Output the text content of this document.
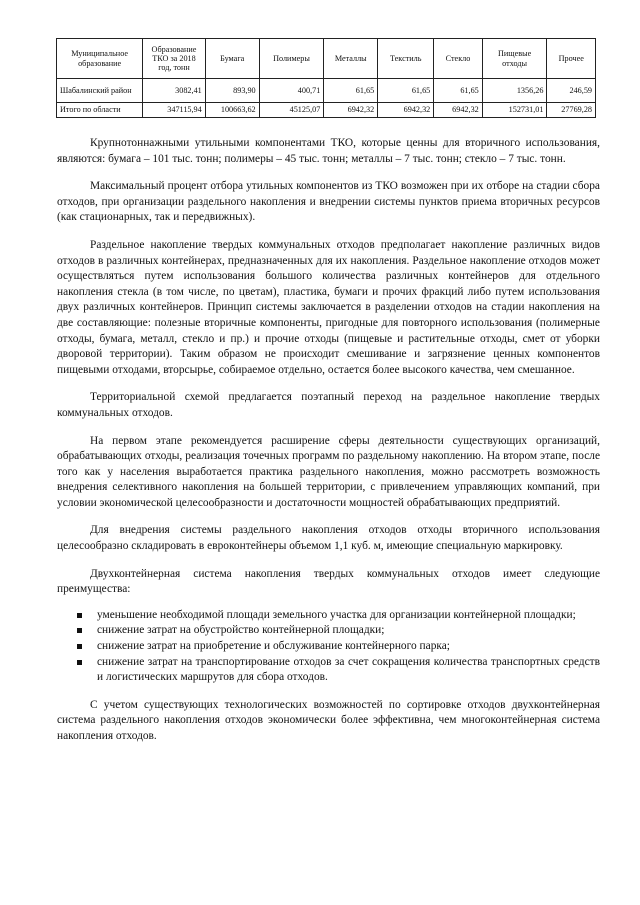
Муниципальное образование	Образование ТКО за 2018 год, тонн	Бумага	Полимеры	Металлы	Текстиль	Стекло	Пищевые отходы	Прочее
Шабалинский район	3082,41	893,90	400,71	61,65	61,65	61,65	1356,26	246,59
Итого по области	347115,94	100663,62	45125,07	6942,32	6942,32	6942,32	152731,01	27769,28

Крупнотоннажными утильными компонентами ТКО, которые ценны для вторичного использования, являются: бумага – 101 тыс. тонн; полимеры – 45 тыс. тонн; металлы – 7 тыс. тонн; стекло – 7 тыс. тонн.

Максимальный процент отбора утильных компонентов из ТКО возможен при их отборе на стадии сбора отходов, при организации раздельного накопления и внедрении системы пунктов приема вторичных ресурсов (как стационарных, так и передвижных).

Раздельное накопление твердых коммунальных отходов предполагает накопление различных видов отходов в различных контейнерах, предназначенных для их накопления. Раздельное накопление отходов может осуществляться путем использования большого количества различных контейнеров для отдельного накопления стекла (в том числе, по цветам), пластика, бумаги и прочих фракций либо путем использования двух различных контейнеров. Принцип системы заключается в разделении отходов на стадии накопления на две составляющие: полезные вторичные компоненты, пригодные для повторного использования (полимерные отходы, бумага, металл, стекло и пр.) и прочие отходы (пищевые и растительные отходы, смет от уборки дворовой территории). Таким образом не происходит смешивание и загрязнение ценных компонентов пищевыми отходами, вторсырье, собираемое отдельно, остается более высокого качества, чем смешанное.

Территориальной схемой предлагается поэтапный переход на раздельное накопление твердых коммунальных отходов.

На первом этапе рекомендуется расширение сферы деятельности существующих организаций, обрабатывающих отходы, реализация точечных программ по раздельному накоплению. На втором этапе, после того как у населения выработается практика раздельного накопления, можно рассмотреть возможность внедрения селективного накопления на большей территории, с привлечением управляющих компаний, при условии экономической целесообразности и достаточности мощностей обрабатывающих предприятий.

Для внедрения системы раздельного накопления отходов отходы вторичного использования целесообразно складировать в евроконтейнеры объемом 1,1 куб. м, имеющие специальную маркировку.

Двухконтейнерная система накопления твердых коммунальных отходов имеет следующие преимущества:

уменьшение необходимой площади земельного участка для организации контейнерной площадки;
снижение затрат на обустройство контейнерной площадки;
снижение затрат на приобретение и обслуживание контейнерного парка;
снижение затрат на транспортирование отходов за счет сокращения количества транспортных средств и логистических маршрутов для сбора отходов.

С учетом существующих технологических возможностей по сортировке отходов двухконтейнерная система раздельного накопления отходов экономически более эффективна, чем многоконтейнерная система накопления отходов.
